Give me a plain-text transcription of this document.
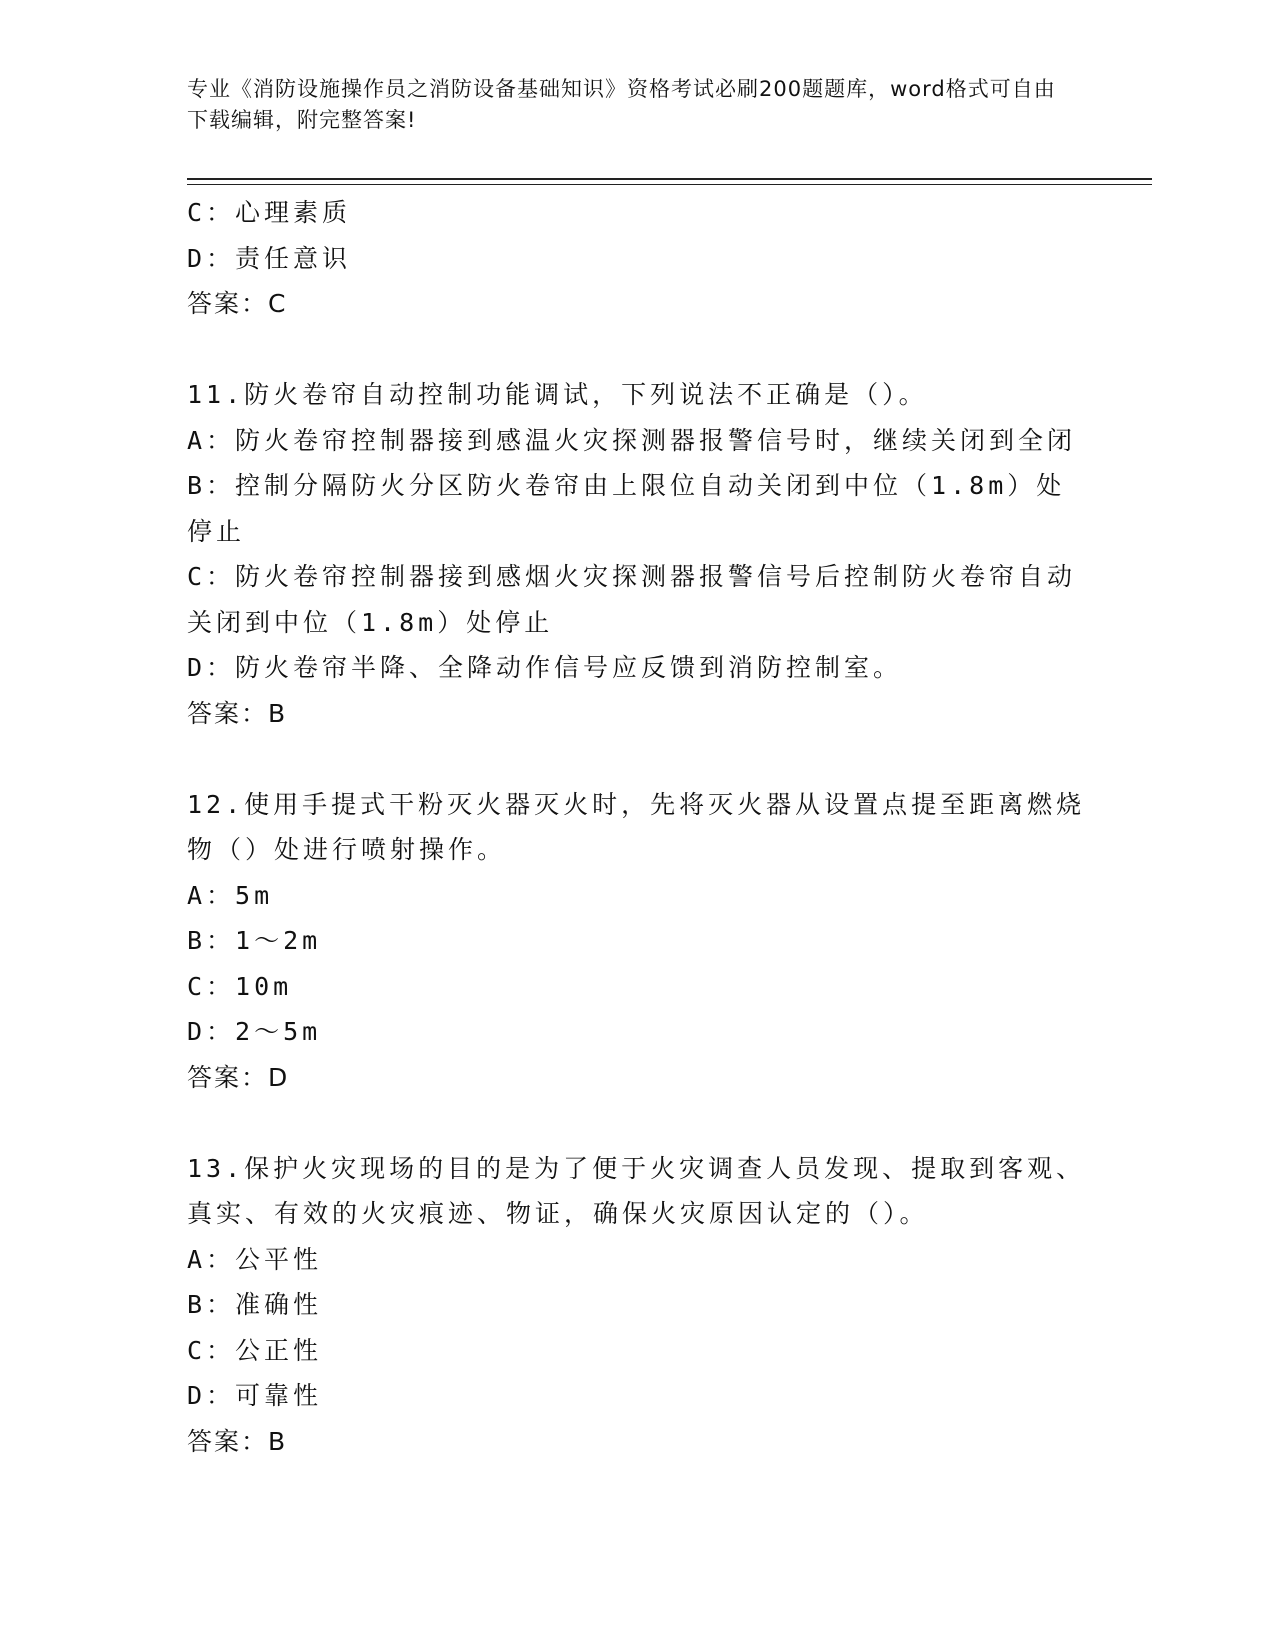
专业《消防设施操作员之消防设备基础知识》资格考试必刷200题题库，word格式可自由下载编辑，附完整答案!
C：心理素质
D：责任意识
答案：C
11.防火卷帘自动控制功能调试，下列说法不正确是（）。
A：防火卷帘控制器接到感温火灾探测器报警信号时，继续关闭到全闭
B：控制分隔防火分区防火卷帘由上限位自动关闭到中位（1.8m）处停止
C：防火卷帘控制器接到感烟火灾探测器报警信号后控制防火卷帘自动关闭到中位（1.8m）处停止
D：防火卷帘半降、全降动作信号应反馈到消防控制室。
答案：B
12.使用手提式干粉灭火器灭火时，先将灭火器从设置点提至距离燃烧物（）处进行喷射操作。
A：5m
B：1～2m
C：10m
D：2～5m
答案：D
13.保护火灾现场的目的是为了便于火灾调查人员发现、提取到客观、真实、有效的火灾痕迹、物证，确保火灾原因认定的（）。
A：公平性
B：准确性
C：公正性
D：可靠性
答案：B
